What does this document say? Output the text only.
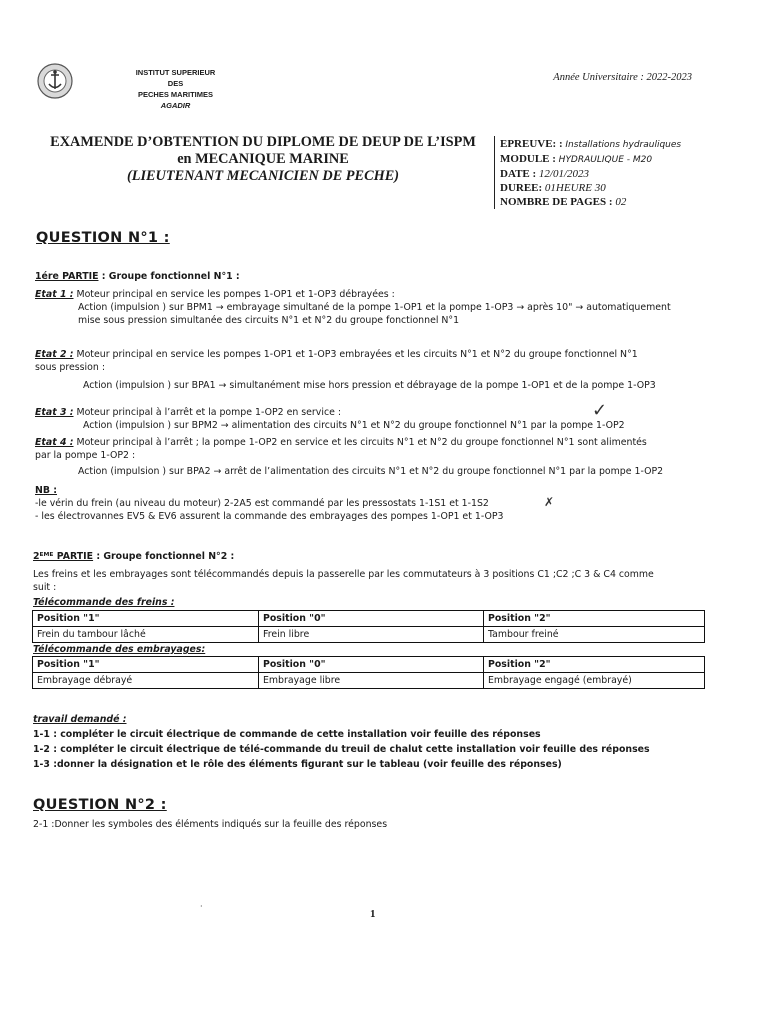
INSTITUT SUPERIEUR
DES
PECHES MARITIMES
AGADIR
Année Universitaire : 2022-2023
EXAMENDE D’OBTENTION DU DIPLOME DE DEUP DE L’ISPM
en MECANIQUE MARINE
(LIEUTENANT MECANICIEN DE PECHE)
EPREUVE: : Installations hydrauliques
MODULE : HYDRAULIQUE - M20
DATE : 12/01/2023
DUREE: 01HEURE 30
NOMBRE DE PAGES : 02
QUESTION N°1 :
1ére PARTIE : Groupe fonctionnel N°1 :
Etat 1 : Moteur principal en service les pompes 1-OP1 et 1-OP3 débrayées :
Action (impulsion ) sur BPM1 → embrayage simultané de la pompe 1-OP1 et la pompe 1-OP3 → après 10" → automatiquement
mise sous pression simultanée des circuits N°1 et N°2 du groupe fonctionnel N°1
Etat 2 : Moteur principal en service les pompes 1-OP1 et 1-OP3 embrayées et les circuits N°1 et N°2 du groupe fonctionnel N°1
sous pression :
Action (impulsion ) sur BPA1 → simultanément mise hors pression et débrayage de la pompe 1-OP1 et de la pompe 1-OP3
Etat 3 : Moteur principal à l’arrêt et la pompe 1-OP2 en service :
Action (impulsion ) sur BPM2 → alimentation des circuits N°1 et N°2 du groupe fonctionnel N°1 par la pompe 1-OP2
✓
Etat 4 : Moteur principal à l’arrêt ; la pompe 1-OP2 en service et les circuits N°1 et N°2 du groupe fonctionnel N°1 sont alimentés
par la pompe 1-OP2 :
Action (impulsion ) sur BPA2 → arrêt de l’alimentation des circuits N°1 et N°2 du groupe fonctionnel N°1 par la pompe 1-OP2
NB :
-le vérin du frein (au niveau du moteur) 2-2A5 est commandé par les pressostats 1-1S1 et 1-1S2
- les électrovannes EV5 & EV6 assurent la commande des embrayages des pompes 1-OP1 et 1-OP3
✗
2ᴱᴹᴱ PARTIE : Groupe fonctionnel N°2 :
Les freins et les embrayages sont télécommandés depuis la passerelle par les commutateurs à 3 positions C1 ;C2 ;C 3 & C4 comme
suit :
Télécommande des freins :
Position "1"	Position "0"	Position "2"
Frein du tambour lâché	Frein libre	Tambour freiné
Télécommande des embrayages:
Position "1"	Position "0"	Position "2"
Embrayage débrayé	Embrayage libre	Embrayage engagé (embrayé)
travail demandé :
1-1 : compléter le circuit électrique de commande de cette installation voir feuille des réponses
1-2 : compléter le circuit électrique de télé-commande du treuil de chalut cette installation voir feuille des réponses
1-3 :donner la désignation et le rôle des éléments figurant sur le tableau (voir feuille des réponses)
QUESTION N°2 :
2-1 :Donner les symboles des éléments indiqués sur la feuille des réponses
·
1
